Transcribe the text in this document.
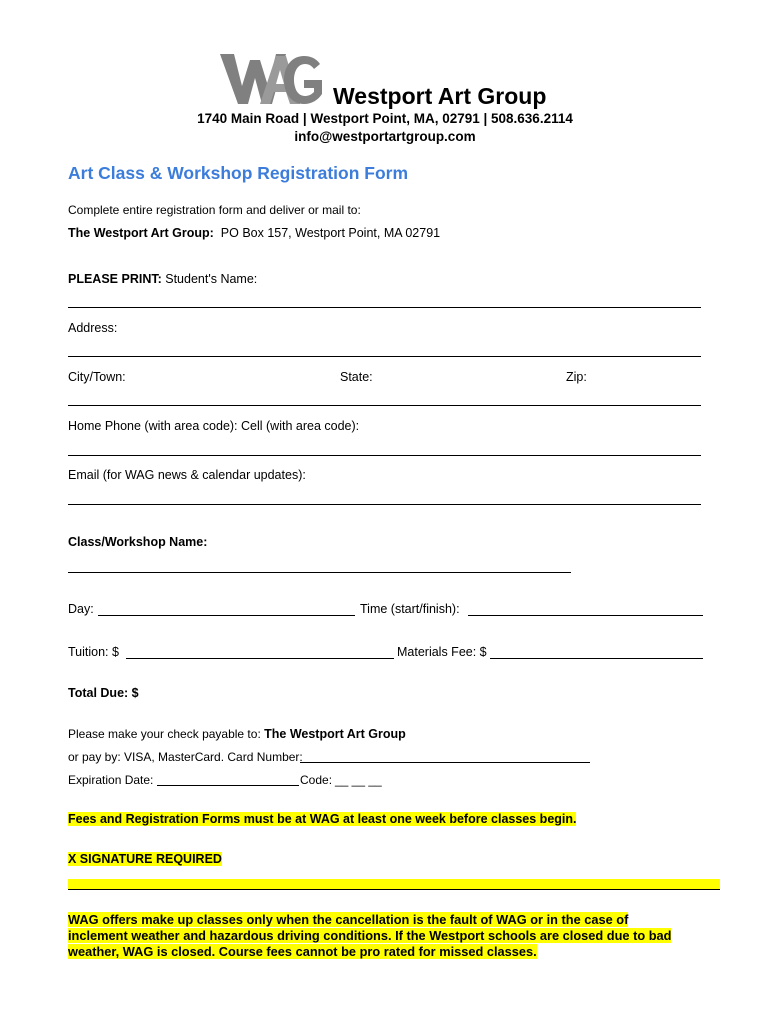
Westport Art Group
1740 Main Road | Westport Point, MA, 02791 | 508.636.2114
info@westportartgroup.com
Art Class & Workshop Registration Form
Complete entire registration form and deliver or mail to:
The Westport Art Group: PO Box 157, Westport Point, MA 02791
PLEASE PRINT: Student's Name:
Address:
City/Town:	State:	Zip:
Home Phone (with area code): Cell (with area code):
Email (for WAG news & calendar updates):
Class/Workshop Name:
Day:	Time (start/finish):
Tuition: $	Materials Fee: $
Total Due: $
Please make your check payable to: The Westport Art Group
or pay by: VISA, MasterCard. Card Number:
Expiration Date:	Code: __ __ __
Fees and Registration Forms must be at WAG at least one week before classes begin.
X SIGNATURE REQUIRED
WAG offers make up classes only when the cancellation is the fault of WAG or in the case of
inclement weather and hazardous driving conditions. If the Westport schools are closed due to bad
weather, WAG is closed. Course fees cannot be pro rated for missed classes.
